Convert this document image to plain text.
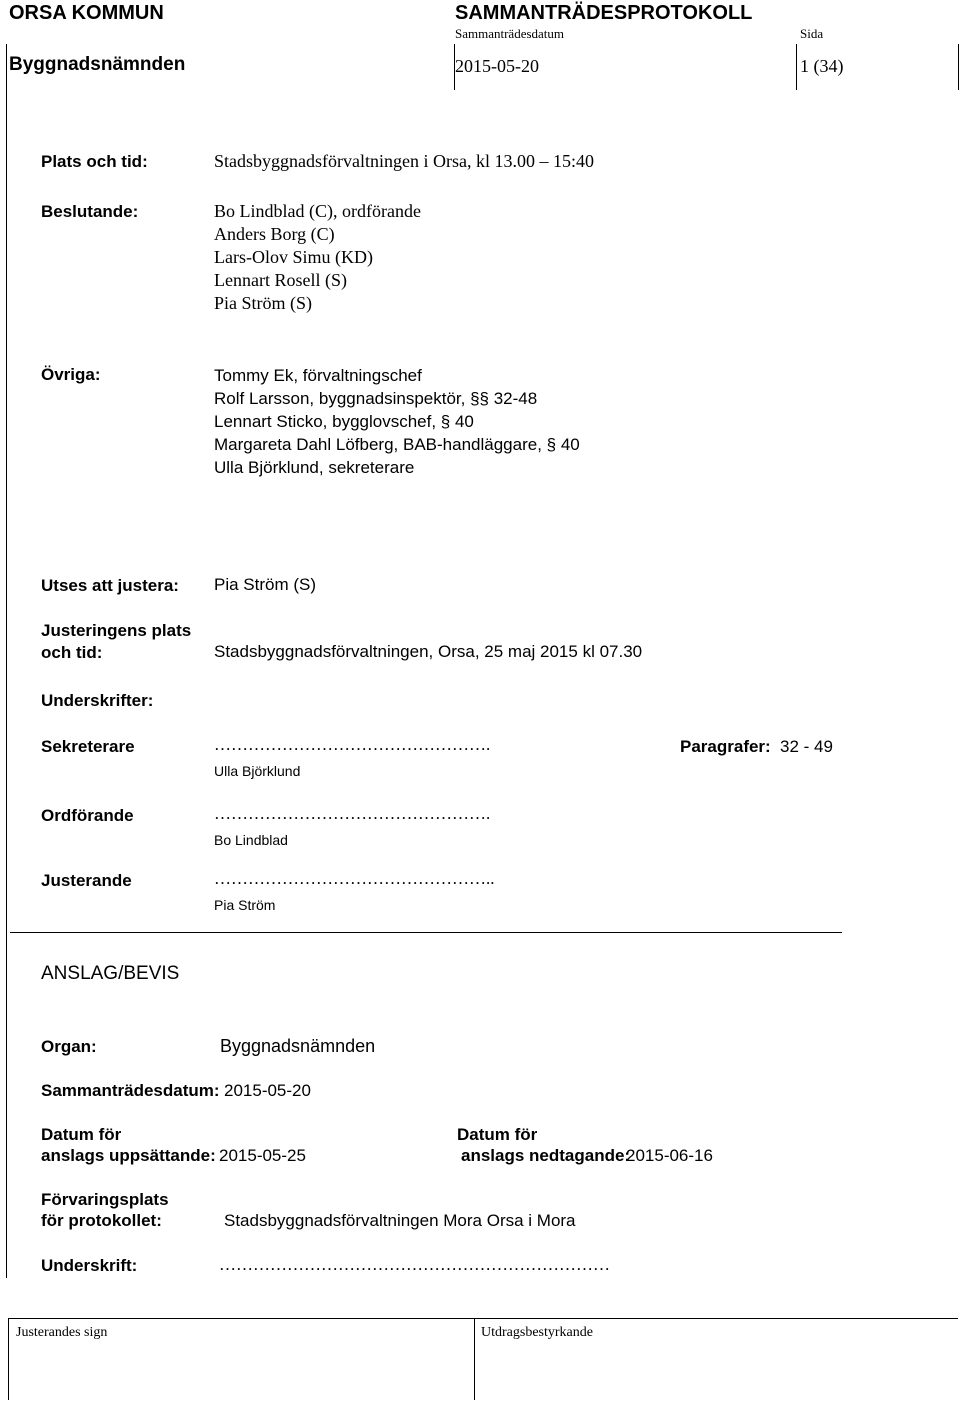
ORSA KOMMUN	SAMMANTRÄDESPROTOKOLL
Sammanträdesdatum	Sida
Byggnadsnämnden	2015-05-20	1 (34)
Plats och tid:	Stadsbyggnadsförvaltningen i Orsa, kl 13.00 – 15:40
Beslutande:	Bo Lindblad (C), ordförande
Anders Borg (C)
Lars-Olov Simu (KD)
Lennart Rosell (S)
Pia Ström (S)
Övriga:	Tommy Ek, förvaltningschef
Rolf Larsson, byggnadsinspektör, §§ 32-48
Lennart Sticko, bygglovschef, § 40
Margareta Dahl Löfberg, BAB-handläggare, § 40
Ulla Björklund, sekreterare
Utses att justera: Pia Ström (S)
Justeringens plats
och tid:	Stadsbyggnadsförvaltningen, Orsa, 25 maj 2015 kl 07.30
Underskrifter:
Sekreterare	………………………………………….	Paragrafer: 32 - 49
Ulla Björklund
Ordförande	………………………………………….
Bo Lindblad
Justerande	…………………………………………..
Pia Ström
ANSLAG/BEVIS
Organ:	Byggnadsnämnden
Sammanträdesdatum: 2015-05-20
Datum för
anslags uppsättande: 2015-05-25
Datum för
anslags nedtagande:
2015-06-16
Förvaringsplats
för protokollet:	Stadsbyggnadsförvaltningen Mora Orsa i Mora
Underskrift:	……………………………………………………………
Justerandes sign	Utdragsbestyrkande
